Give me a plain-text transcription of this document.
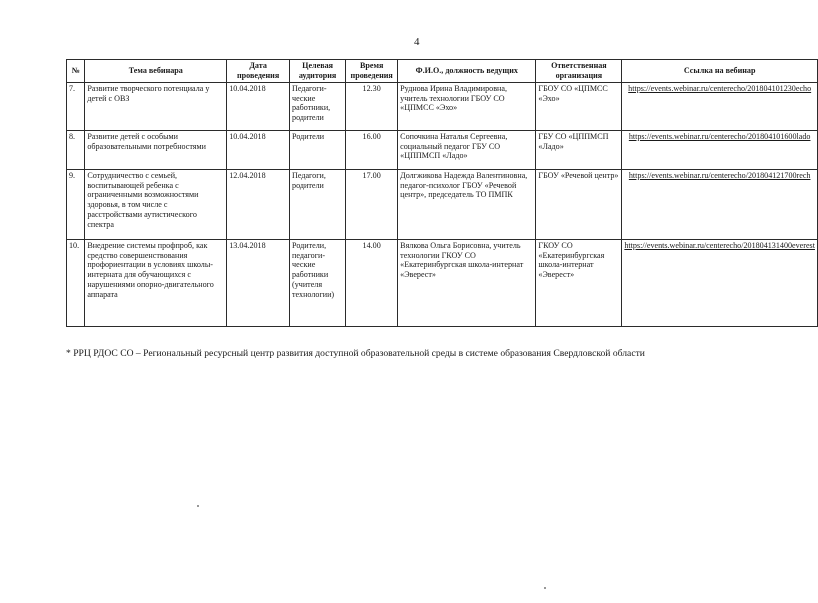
4
№	Тема вебинара	Дата проведения	Целевая аудитория	Время проведения	Ф.И.О., должность ведущих	Ответственная организация	Ссылка на вебинар
7.	Развитие творческого потенциала у детей с ОВЗ	10.04.2018	Педагоги-ческие работники, родители	12.30	Руднова Ирина Владимировна, учитель технологии ГБОУ СО «ЦПМСС «Эхо»	ГБОУ СО «ЦПМСС «Эхо»	https://events.webinar.ru/centerecho/201804101230echo
8.	Развитие детей с особыми образовательными потребностями	10.04.2018	Родители	16.00	Сопочкина Наталья Сергеевна, социальный педагог ГБУ СО «ЦППМСП «Ладо»	ГБУ СО «ЦППМСП «Ладо»	https://events.webinar.ru/centerecho/201804101600lado
9.	Сотрудничество с семьей, воспитывающей ребенка с ограниченными возможностями здоровья, в том числе с расстройствами аутистического спектра	12.04.2018	Педагоги, родители	17.00	Долгжикова Надежда Валентиновна, педагог-психолог ГБОУ «Речевой центр», председатель ТО ПМПК	ГБОУ «Речевой центр»	https://events.webinar.ru/centerecho/201804121700rech
10.	Внедрение системы профпроб, как средство совершенствования профориентации в условиях школы-интерната для обучающихся с нарушениями опорно-двигательного аппарата	13.04.2018	Родители, педагоги-ческие работники (учителя технологии)	14.00	Вялкова Ольга Борисовна, учитель технологии ГКОУ СО «Екатеринбургская школа-интернат «Эверест»	ГКОУ СО «Екатеринбургская школа-интернат «Эверест»	https://events.webinar.ru/centerecho/201804131400everest
* РРЦ РДОС СО – Региональный ресурсный центр развития доступной образовательной среды в системе образования Свердловской области
